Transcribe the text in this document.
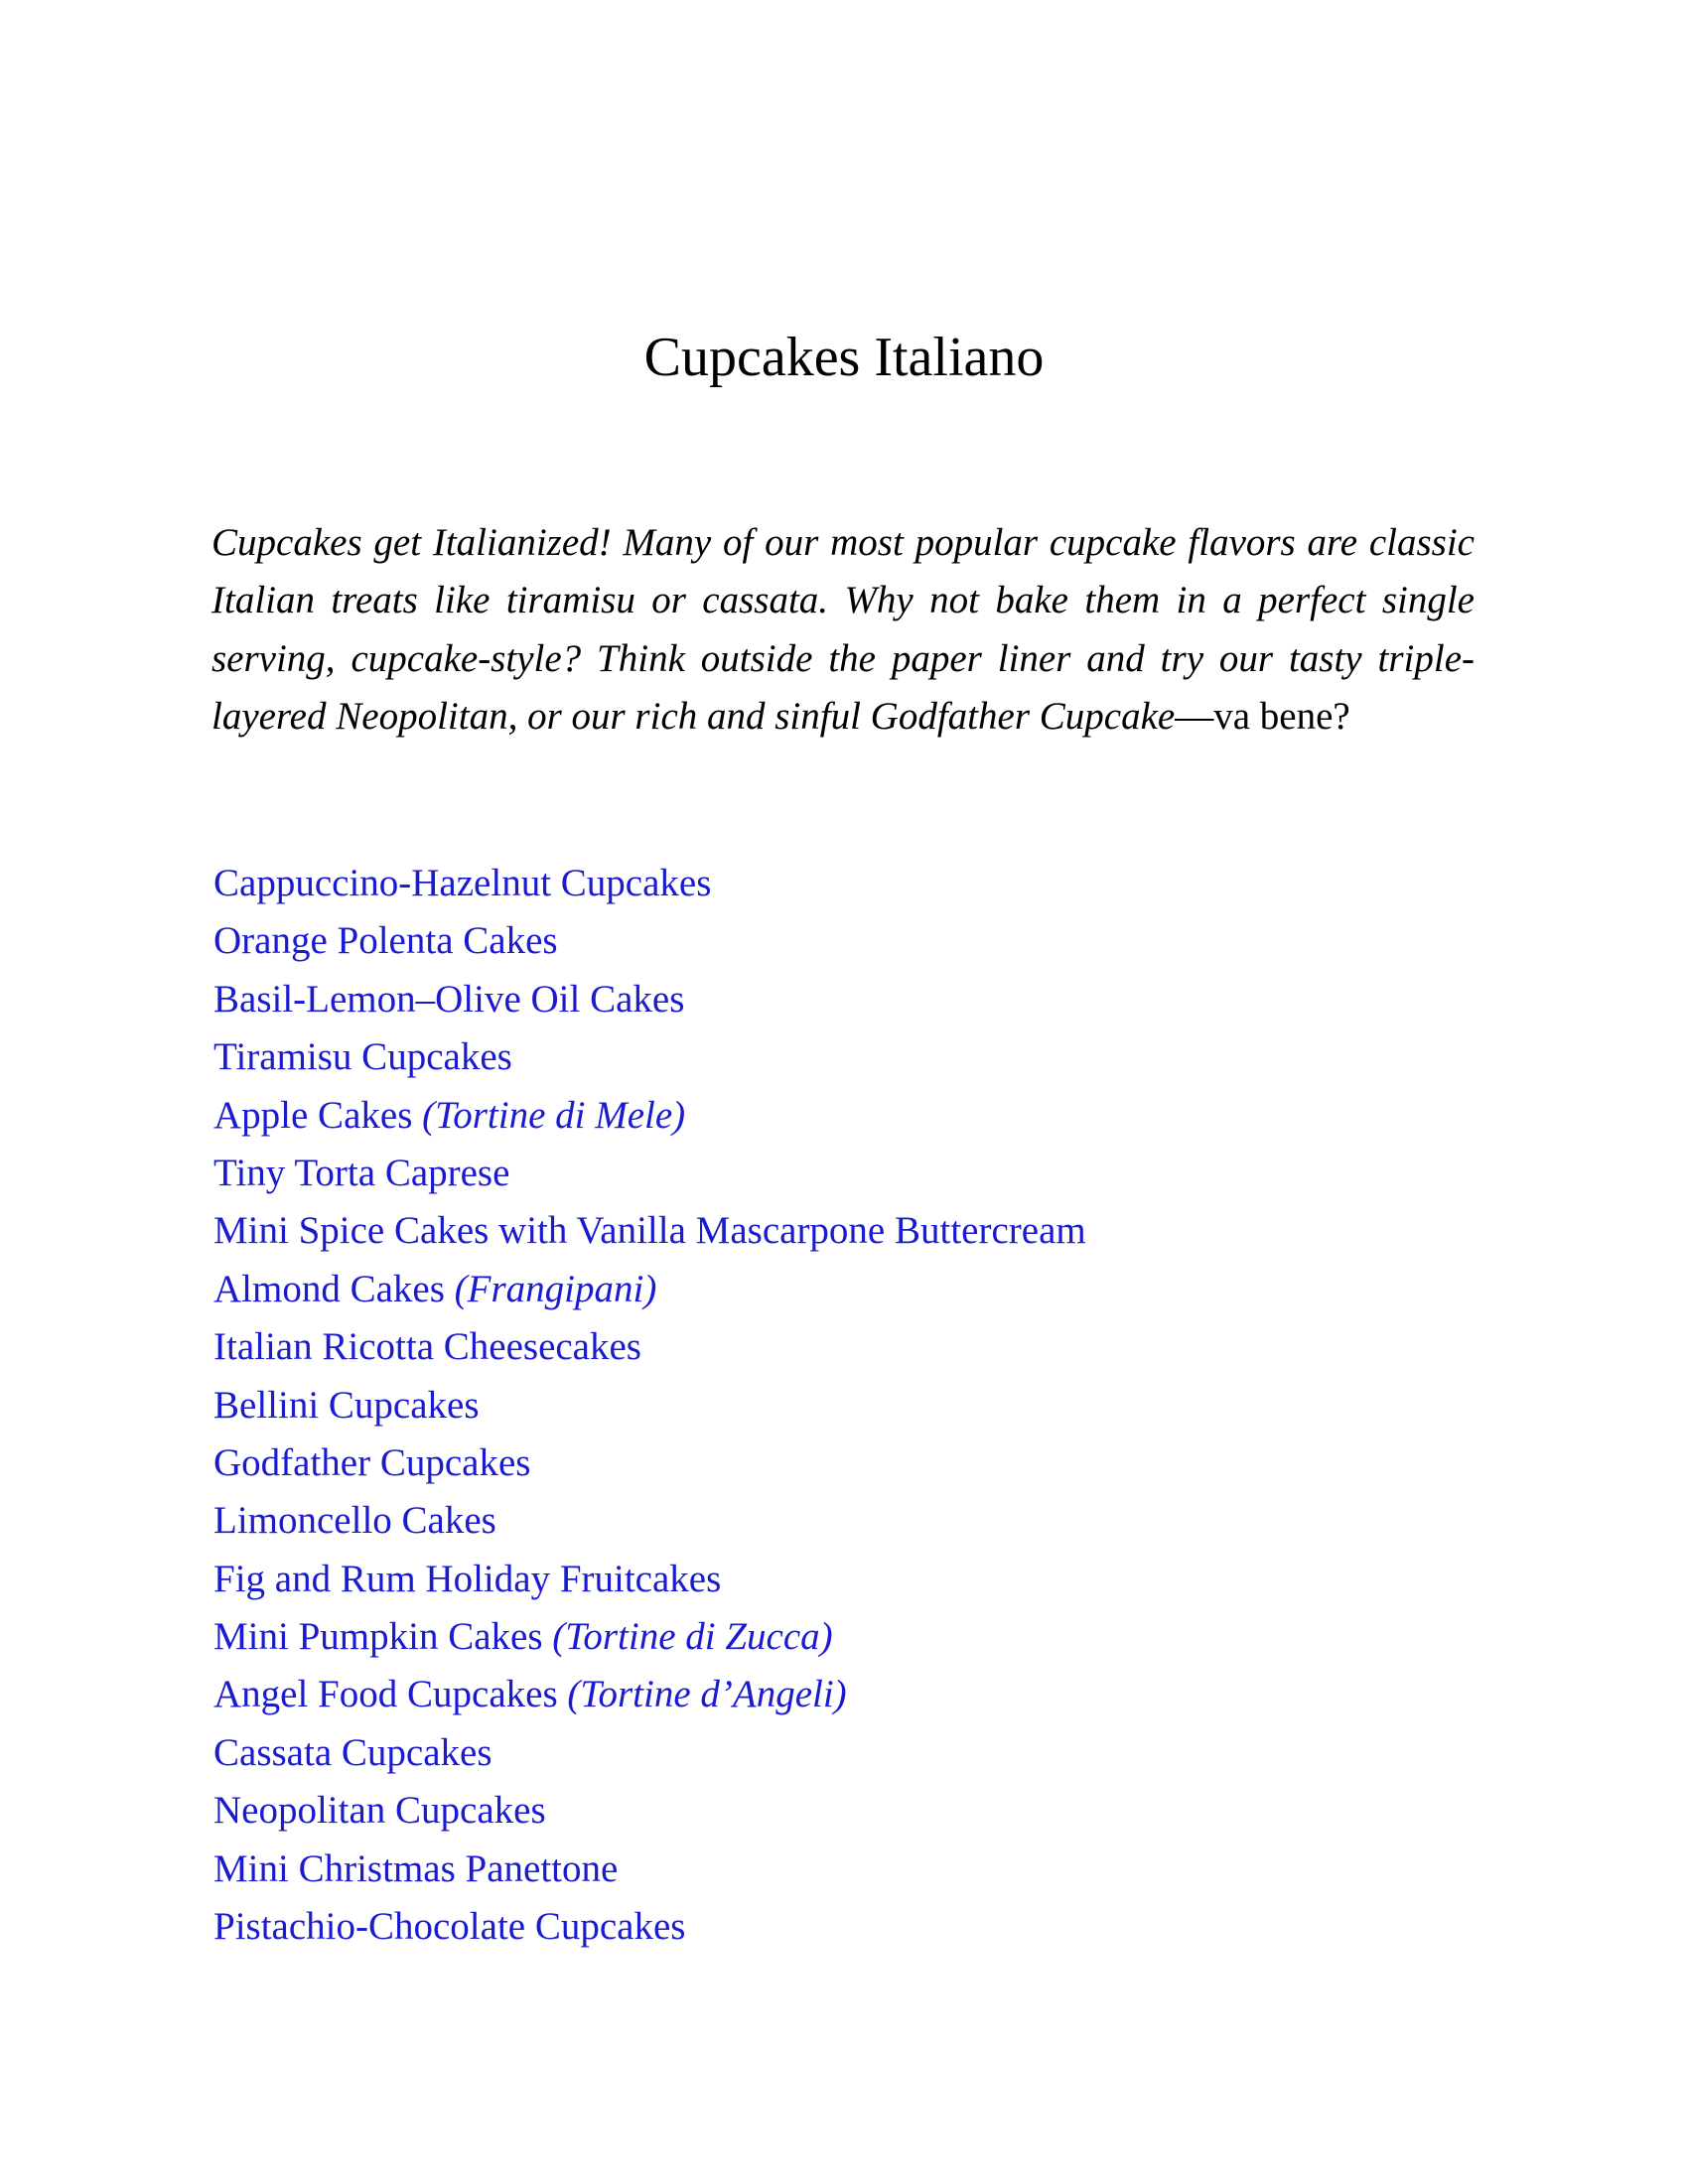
Cupcakes Italiano

Cupcakes get Italianized! Many of our most popular cupcake flavors are classic Italian treats like tiramisu or cassata. Why not bake them in a perfect single serving, cupcake-style? Think outside the paper liner and try our tasty triple-layered Neopolitan, or our rich and sinful Godfather Cupcake—va bene?

Cappuccino-Hazelnut Cupcakes
Orange Polenta Cakes
Basil-Lemon–Olive Oil Cakes
Tiramisu Cupcakes
Apple Cakes (Tortine di Mele)
Tiny Torta Caprese
Mini Spice Cakes with Vanilla Mascarpone Buttercream
Almond Cakes (Frangipani)
Italian Ricotta Cheesecakes
Bellini Cupcakes
Godfather Cupcakes
Limoncello Cakes
Fig and Rum Holiday Fruitcakes
Mini Pumpkin Cakes (Tortine di Zucca)
Angel Food Cupcakes (Tortine d’Angeli)
Cassata Cupcakes
Neopolitan Cupcakes
Mini Christmas Panettone
Pistachio-Chocolate Cupcakes
